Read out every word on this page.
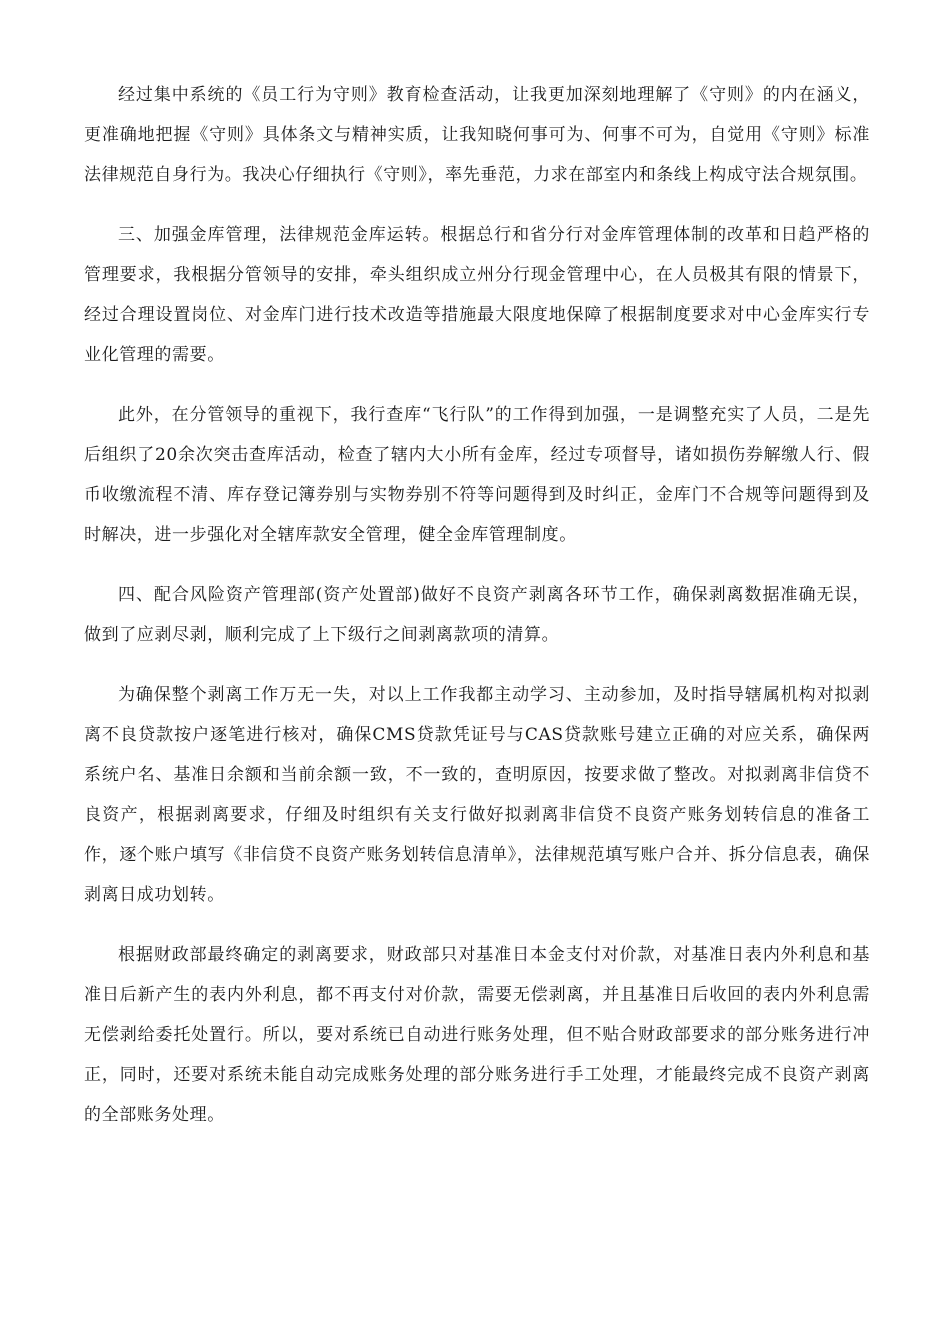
经过集中系统的《员工行为守则》教育检查活动，让我更加深刻地理解了《守则》的内在涵义，更准确地把握《守则》具体条文与精神实质，让我知晓何事可为、何事不可为，自觉用《守则》标准法律规范自身行为。我决心仔细执行《守则》，率先垂范，力求在部室内和条线上构成守法合规氛围。

三、加强金库管理，法律规范金库运转。根据总行和省分行对金库管理体制的改革和日趋严格的管理要求，我根据分管领导的安排，牵头组织成立州分行现金管理中心，在人员极其有限的情景下，经过合理设置岗位、对金库门进行技术改造等措施最大限度地保障了根据制度要求对中心金库实行专业化管理的需要。

此外，在分管领导的重视下，我行查库“飞行队”的工作得到加强，一是调整充实了人员，二是先后组织了20余次突击查库活动，检查了辖内大小所有金库，经过专项督导，诸如损伤券解缴人行、假币收缴流程不清、库存登记簿券别与实物券别不符等问题得到及时纠正，金库门不合规等问题得到及时解决，进一步强化对全辖库款安全管理，健全金库管理制度。

四、配合风险资产管理部(资产处置部)做好不良资产剥离各环节工作，确保剥离数据准确无误，做到了应剥尽剥，顺利完成了上下级行之间剥离款项的清算。

为确保整个剥离工作万无一失，对以上工作我都主动学习、主动参加，及时指导辖属机构对拟剥离不良贷款按户逐笔进行核对，确保CMS贷款凭证号与CAS贷款账号建立正确的对应关系，确保两系统户名、基准日余额和当前余额一致，不一致的，查明原因，按要求做了整改。对拟剥离非信贷不良资产，根据剥离要求，仔细及时组织有关支行做好拟剥离非信贷不良资产账务划转信息的准备工作，逐个账户填写《非信贷不良资产账务划转信息清单》，法律规范填写账户合并、拆分信息表，确保剥离日成功划转。

根据财政部最终确定的剥离要求，财政部只对基准日本金支付对价款，对基准日表内外利息和基准日后新产生的表内外利息，都不再支付对价款，需要无偿剥离，并且基准日后收回的表内外利息需无偿剥给委托处置行。所以，要对系统已自动进行账务处理，但不贴合财政部要求的部分账务进行冲正，同时，还要对系统未能自动完成账务处理的部分账务进行手工处理，才能最终完成不良资产剥离的全部账务处理。
